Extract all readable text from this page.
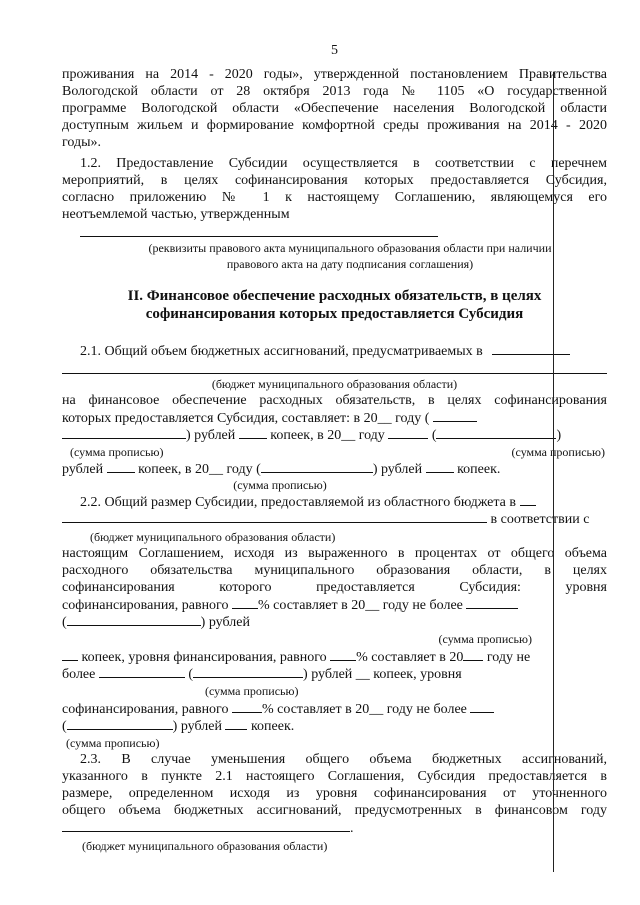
5
проживания на 2014 - 2020 годы», утвержденной постановлением Правительства
Вологодской области от 28 октября 2013 года № 1105 «О государственной
программе Вологодской области «Обеспечение населения Вологодской области
доступным жильем и формирование комфортной среды проживания на 2014 - 2020
годы».
1.2. Предоставление Субсидии осуществляется в соответствии с перечнем
мероприятий, в целях софинансирования которых предоставляется Субсидия,
согласно приложению № 1 к настоящему Соглашению, являющемуся его
неотъемлемой частью, утвержденным
(реквизиты правового акта муниципального образования области при наличии
правового акта на дату подписания соглашения)
II. Финансовое обеспечение расходных обязательств, в целях
софинансирования которых предоставляется Субсидия
2.1. Общий объем бюджетных ассигнований, предусматриваемых в
(бюджет муниципального образования области)
на финансовое обеспечение расходных обязательств, в целях софинансирования
которых предоставляется Субсидия, составляет: в 20__ году (
) рублей	копеек, в 20__ году	(	)
(сумма прописью)	(сумма прописью)
рублей	копеек, в 20__ году (	) рублей	копеек.
(сумма прописью)
2.2. Общий размер Субсидии, предоставляемой из областного бюджета в
в соответствии с
(бюджет муниципального образования области)
настоящим Соглашением, исходя из выраженного в процентах от общего объема
расходного обязательства муниципального образования области, в целях
софинансирования которого предоставляется Субсидия: уровня
софинансирования, равного % составляет в 20__ году не более
(	) рублей
(сумма прописью)
копеек, уровня финансирования, равного % составляет в 20 году не
более	(	) рублей __ копеек, уровня
(сумма прописью)
софинансирования, равного % составляет в 20__ году не более
(	) рублей копеек.
(сумма прописью)
2.3. В случае уменьшения общего объема бюджетных ассигнований,
указанного в пункте 2.1 настоящего Соглашения, Субсидия предоставляется в
размере, определенном исходя из уровня софинансирования от уточненного
общего объема бюджетных ассигнований, предусмотренных в финансовом году
.
(бюджет муниципального образования области)
